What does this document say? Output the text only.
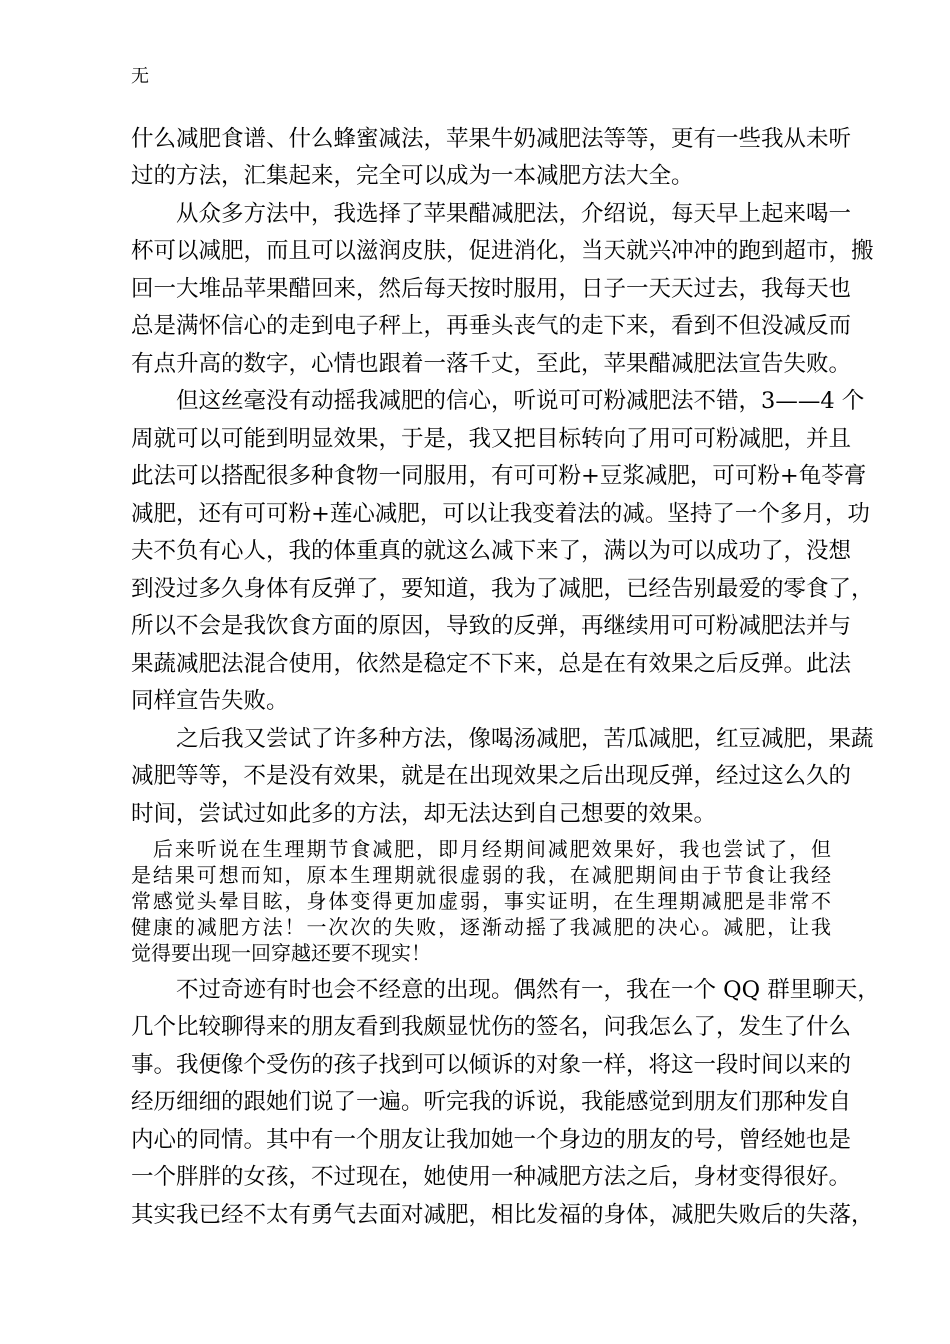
无
什么减肥食谱、什么蜂蜜减法，苹果牛奶减肥法等等，更有一些我从未听
过的方法，汇集起来，完全可以成为一本减肥方法大全。
　　从众多方法中，我选择了苹果醋减肥法，介绍说，每天早上起来喝一
杯可以减肥，而且可以滋润皮肤，促进消化，当天就兴冲冲的跑到超市，搬
回一大堆品苹果醋回来，然后每天按时服用，日子一天天过去，我每天也
总是满怀信心的走到电子秤上，再垂头丧气的走下来，看到不但没减反而
有点升高的数字，心情也跟着一落千丈，至此，苹果醋减肥法宣告失败。
　　但这丝毫没有动摇我减肥的信心，听说可可粉减肥法不错，3——4 个
周就可以可能到明显效果，于是，我又把目标转向了用可可粉减肥，并且
此法可以搭配很多种食物一同服用，有可可粉+豆浆减肥，可可粉+龟苓膏
减肥，还有可可粉+莲心减肥，可以让我变着法的减。坚持了一个多月，功
夫不负有心人，我的体重真的就这么减下来了，满以为可以成功了，没想
到没过多久身体有反弹了，要知道，我为了减肥，已经告别最爱的零食了，
所以不会是我饮食方面的原因，导致的反弹，再继续用可可粉减肥法并与
果蔬减肥法混合使用，依然是稳定不下来，总是在有效果之后反弹。此法
同样宣告失败。
　　之后我又尝试了许多种方法，像喝汤减肥，苦瓜减肥，红豆减肥，果蔬
减肥等等，不是没有效果，就是在出现效果之后出现反弹，经过这么久的
时间，尝试过如此多的方法，却无法达到自己想要的效果。
　后来听说在生理期节食减肥，即月经期间减肥效果好，我也尝试了，但
是结果可想而知，原本生理期就很虚弱的我，在减肥期间由于节食让我经
常感觉头晕目眩，身体变得更加虚弱，事实证明，在生理期减肥是非常不
健康的减肥方法！一次次的失败，逐渐动摇了我减肥的决心。减肥，让我
觉得要出现一回穿越还要不现实！
　　不过奇迹有时也会不经意的出现。偶然有一，我在一个 QQ 群里聊天，
几个比较聊得来的朋友看到我颇显忧伤的签名，问我怎么了，发生了什么
事。我便像个受伤的孩子找到可以倾诉的对象一样，将这一段时间以来的
经历细细的跟她们说了一遍。听完我的诉说，我能感觉到朋友们那种发自
内心的同情。其中有一个朋友让我加她一个身边的朋友的号，曾经她也是
一个胖胖的女孩，不过现在，她使用一种减肥方法之后，身材变得很好。
其实我已经不太有勇气去面对减肥，相比发福的身体，减肥失败后的失落，
